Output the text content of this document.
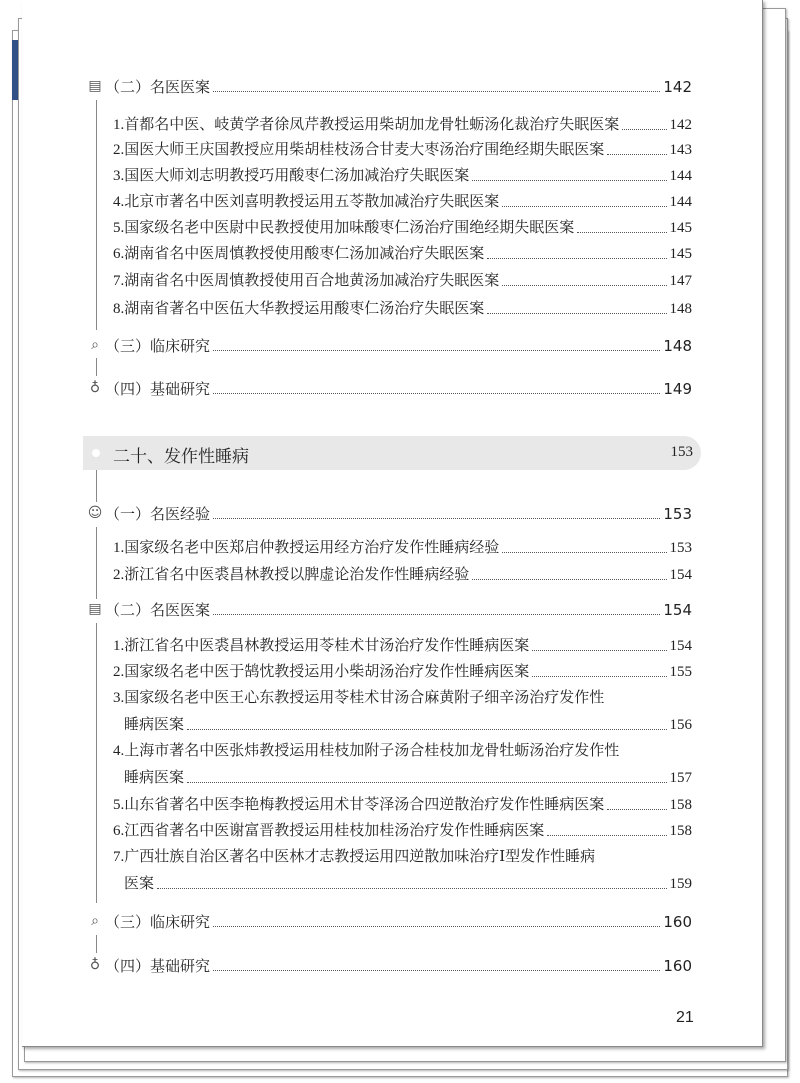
二十、发作性睡病	153
21
▤ （二）名医医案	142
1.首都名中医、岐黄学者徐凤芹教授运用柴胡加龙骨牡蛎汤化裁治疗失眠医案	142
2.国医大师王庆国教授应用柴胡桂枝汤合甘麦大枣汤治疗围绝经期失眠医案	143
3.国医大师刘志明教授巧用酸枣仁汤加减治疗失眠医案	144
4.北京市著名中医刘喜明教授运用五苓散加减治疗失眠医案	144
5.国家级名老中医尉中民教授使用加味酸枣仁汤治疗围绝经期失眠医案	145
6.湖南省名中医周慎教授使用酸枣仁汤加减治疗失眠医案	145
7.湖南省名中医周慎教授使用百合地黄汤加减治疗失眠医案	147
8.湖南省著名中医伍大华教授运用酸枣仁汤治疗失眠医案	148
⌕ （三）临床研究	148
♁ （四）基础研究	149
☺ （一）名医经验	153
1.国家级名老中医郑启仲教授运用经方治疗发作性睡病经验	153
2.浙江省名中医裘昌林教授以脾虚论治发作性睡病经验	154
▤ （二）名医医案	154
1.浙江省名中医裘昌林教授运用苓桂术甘汤治疗发作性睡病医案	154
2.国家级名老中医于鹄忱教授运用小柴胡汤治疗发作性睡病医案	155
3.国家级名老中医王心东教授运用苓桂术甘汤合麻黄附子细辛汤治疗发作性
睡病医案	156
4.上海市著名中医张炜教授运用桂枝加附子汤合桂枝加龙骨牡蛎汤治疗发作性
睡病医案	157
5.山东省著名中医李艳梅教授运用术甘苓泽汤合四逆散治疗发作性睡病医案	158
6.江西省著名中医谢富晋教授运用桂枝加桂汤治疗发作性睡病医案	158
7.广西壮族自治区著名中医林才志教授运用四逆散加味治疗Ⅰ型发作性睡病
医案	159
⌕ （三）临床研究	160
♁ （四）基础研究	160
